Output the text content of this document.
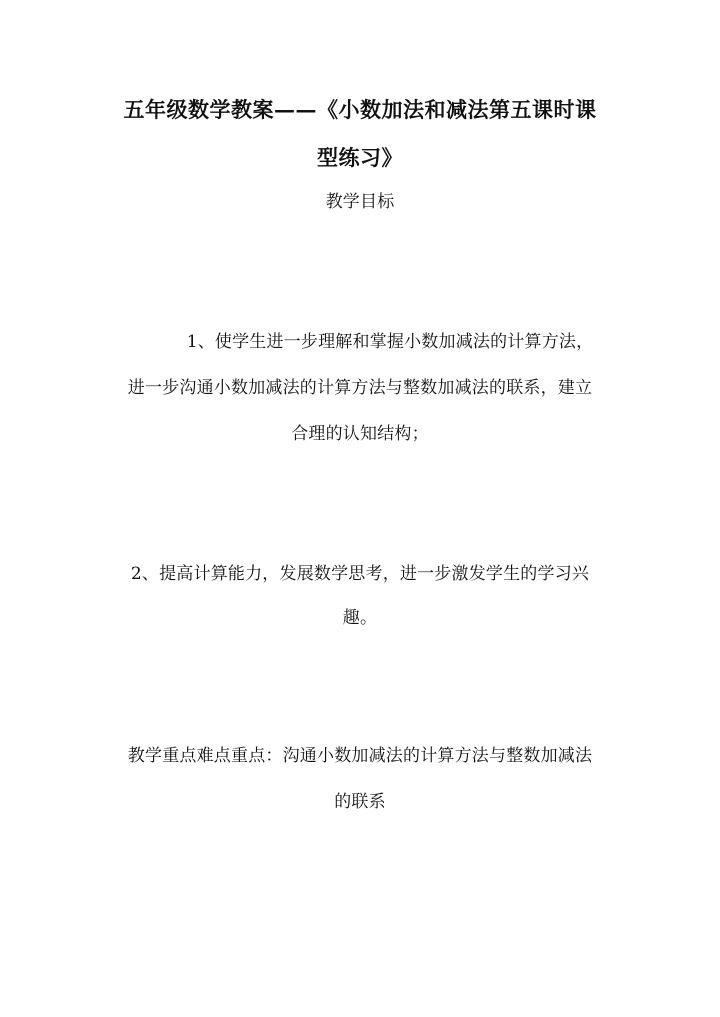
五年级数学教案——《小数加法和减法第五课时课
型练习》
教学目标
1、使学生进一步理解和掌握小数加减法的计算方法，
进一步沟通小数加减法的计算方法与整数加减法的联系，建立
合理的认知结构；
2、提高计算能力，发展数学思考，进一步激发学生的学习兴
趣。
教学重点难点重点：沟通小数加减法的计算方法与整数加减法
的联系
